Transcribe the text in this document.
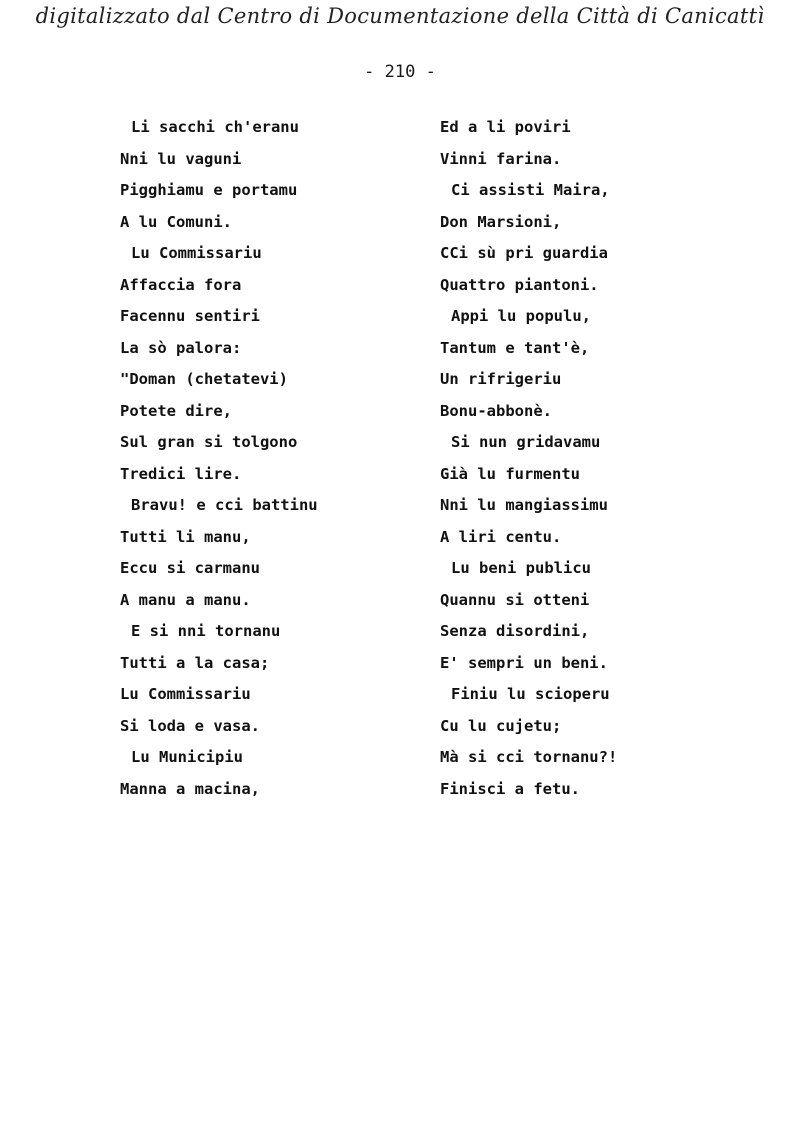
digitalizzato dal Centro di Documentazione della Città di Canicattì
- 210 -
Li sacchi ch'eranu
Nni lu vaguni
Pigghiamu e portamu
A lu Comuni.
Lu Commissariu
Affaccia fora
Facennu sentiri
La sò palora:
"Doman (chetatevi)
Potete dire,
Sul gran si tolgono
Tredici lire.
Bravu! e cci battinu
Tutti li manu,
Eccu si carmanu
A manu a manu.
E si nni tornanu
Tutti a la casa;
Lu Commissariu
Si loda e vasa.
Lu Municipiu
Manna a macina,
Ed a li poviri
Vinni farina.
Ci assisti Maira,
Don Marsioni,
CCi sù pri guardia
Quattro piantoni.
Appi lu populu,
Tantum e tant'è,
Un rifrigeriu
Bonu-abbonè.
Si nun gridavamu
Già lu furmentu
Nni lu mangiassimu
A liri centu.
Lu beni publicu
Quannu si otteni
Senza disordini,
E' sempri un beni.
Finiu lu scioperu
Cu lu cujetu;
Mà si cci tornanu?!
Finisci a fetu.
